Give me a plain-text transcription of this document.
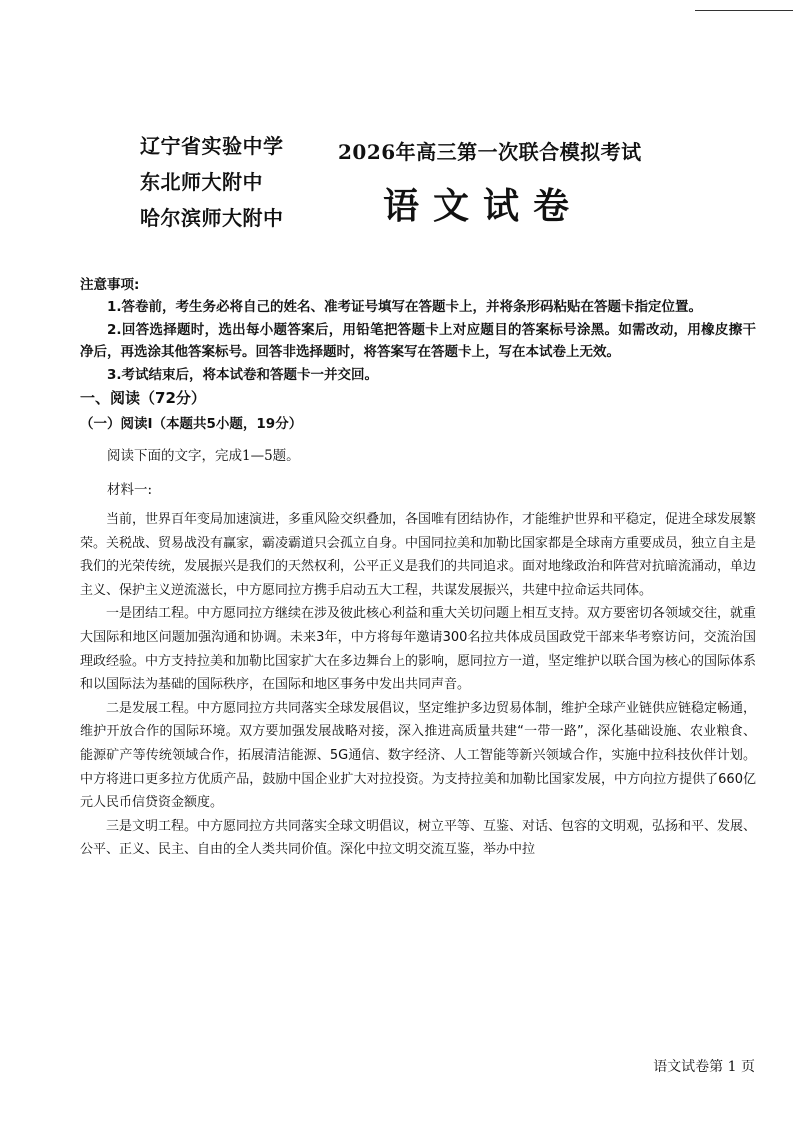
辽宁省实验中学
东北师大附中
哈尔滨师大附中
2026年高三第一次联合模拟考试
语文试卷
注意事项:

1.答卷前，考生务必将自己的姓名、准考证号填写在答题卡上，并将条形码粘贴在答题卡指定位置。

2.回答选择题时，选出每小题答案后，用铅笔把答题卡上对应题目的答案标号涂黑。如需改动，用橡皮擦干净后，再选涂其他答案标号。回答非选择题时，将答案写在答题卡上，写在本试卷上无效。

3.考试结束后，将本试卷和答题卡一并交回。

一、阅读（72分）
（一）阅读Ⅰ（本题共5小题，19分）
阅读下面的文字，完成1—5题。
材料一:

当前，世界百年变局加速演进，多重风险交织叠加，各国唯有团结协作，才能维护世界和平稳定，促进全球发展繁荣。关税战、贸易战没有赢家，霸凌霸道只会孤立自身。中国同拉美和加勒比国家都是全球南方重要成员，独立自主是我们的光荣传统，发展振兴是我们的天然权利，公平正义是我们的共同追求。面对地缘政治和阵营对抗暗流涌动，单边主义、保护主义逆流滋长，中方愿同拉方携手启动五大工程，共谋发展振兴，共建中拉命运共同体。

一是团结工程。中方愿同拉方继续在涉及彼此核心利益和重大关切问题上相互支持。双方要密切各领域交往，就重大国际和地区问题加强沟通和协调。未来3年，中方将每年邀请300名拉共体成员国政党干部来华考察访问，交流治国理政经验。中方支持拉美和加勒比国家扩大在多边舞台上的影响，愿同拉方一道，坚定维护以联合国为核心的国际体系和以国际法为基础的国际秩序，在国际和地区事务中发出共同声音。

二是发展工程。中方愿同拉方共同落实全球发展倡议，坚定维护多边贸易体制，维护全球产业链供应链稳定畅通，维护开放合作的国际环境。双方要加强发展战略对接，深入推进高质量共建“一带一路”，深化基础设施、农业粮食、能源矿产等传统领域合作，拓展清洁能源、5G通信、数字经济、人工智能等新兴领域合作，实施中拉科技伙伴计划。中方将进口更多拉方优质产品，鼓励中国企业扩大对拉投资。为支持拉美和加勒比国家发展，中方向拉方提供了660亿元人民币信贷资金额度。

三是文明工程。中方愿同拉方共同落实全球文明倡议，树立平等、互鉴、对话、包容的文明观，弘扬和平、发展、公平、正义、民主、自由的全人类共同价值。深化中拉文明交流互鉴，举办中拉

语文试卷第 1 页
